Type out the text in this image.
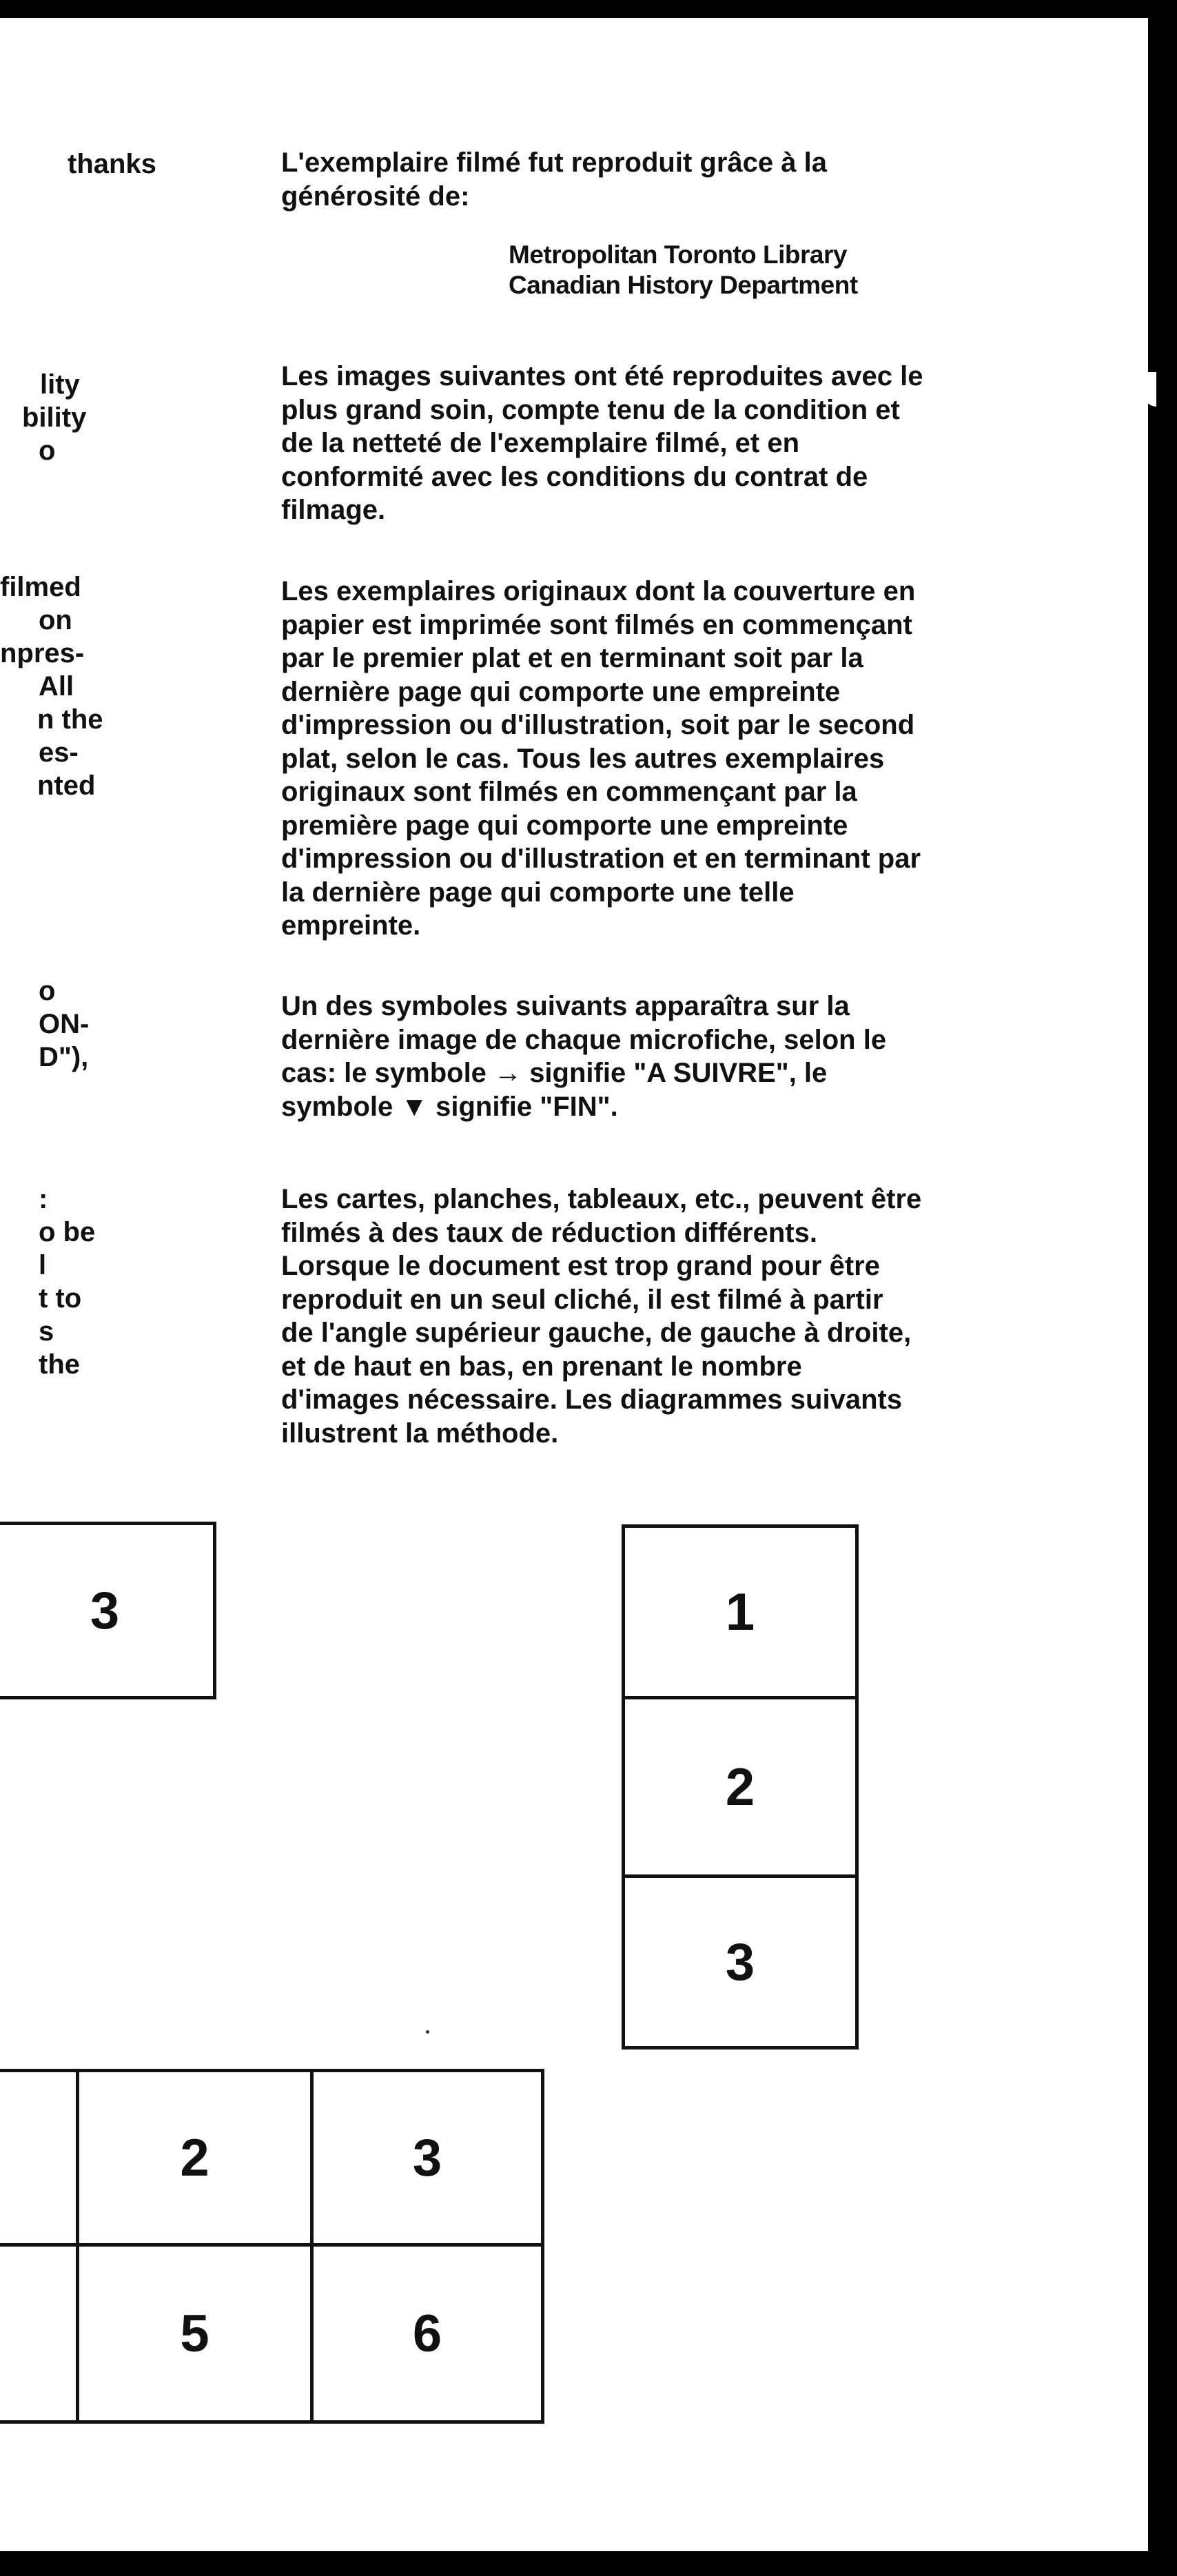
thanks
lity
bility
o
filmed
on
npres-
All
n the
es-
nted
o
ON-
D"),
:
o be
l
t to
s
the

L'exemplaire filmé fut reproduit grâce à la
générosité de:

Metropolitan Toronto Library
Canadian History Department

Les images suivantes ont été reproduites avec le
plus grand soin, compte tenu de la condition et
de la netteté de l'exemplaire filmé, et en
conformité avec les conditions du contrat de
filmage.

Les exemplaires originaux dont la couverture en
papier est imprimée sont filmés en commençant
par le premier plat et en terminant soit par la
dernière page qui comporte une empreinte
d'impression ou d'illustration, soit par le second
plat, selon le cas. Tous les autres exemplaires
originaux sont filmés en commençant par la
première page qui comporte une empreinte
d'impression ou d'illustration et en terminant par
la dernière page qui comporte une telle
empreinte.

Un des symboles suivants apparaîtra sur la

dernière image de chaque microfiche, selon le

cas: le symbole → signifie "A SUIVRE", le

symbole ▼ signifie "FIN".

Les cartes, planches, tableaux, etc., peuvent être
filmés à des taux de réduction différents.
Lorsque le document est trop grand pour être
reproduit en un seul cliché, il est filmé à partir
de l'angle supérieur gauche, de gauche à droite,
et de haut en bas, en prenant le nombre
d'images nécessaire. Les diagrammes suivants
illustrent la méthode.

3	1
2
3
2	3
5	6
